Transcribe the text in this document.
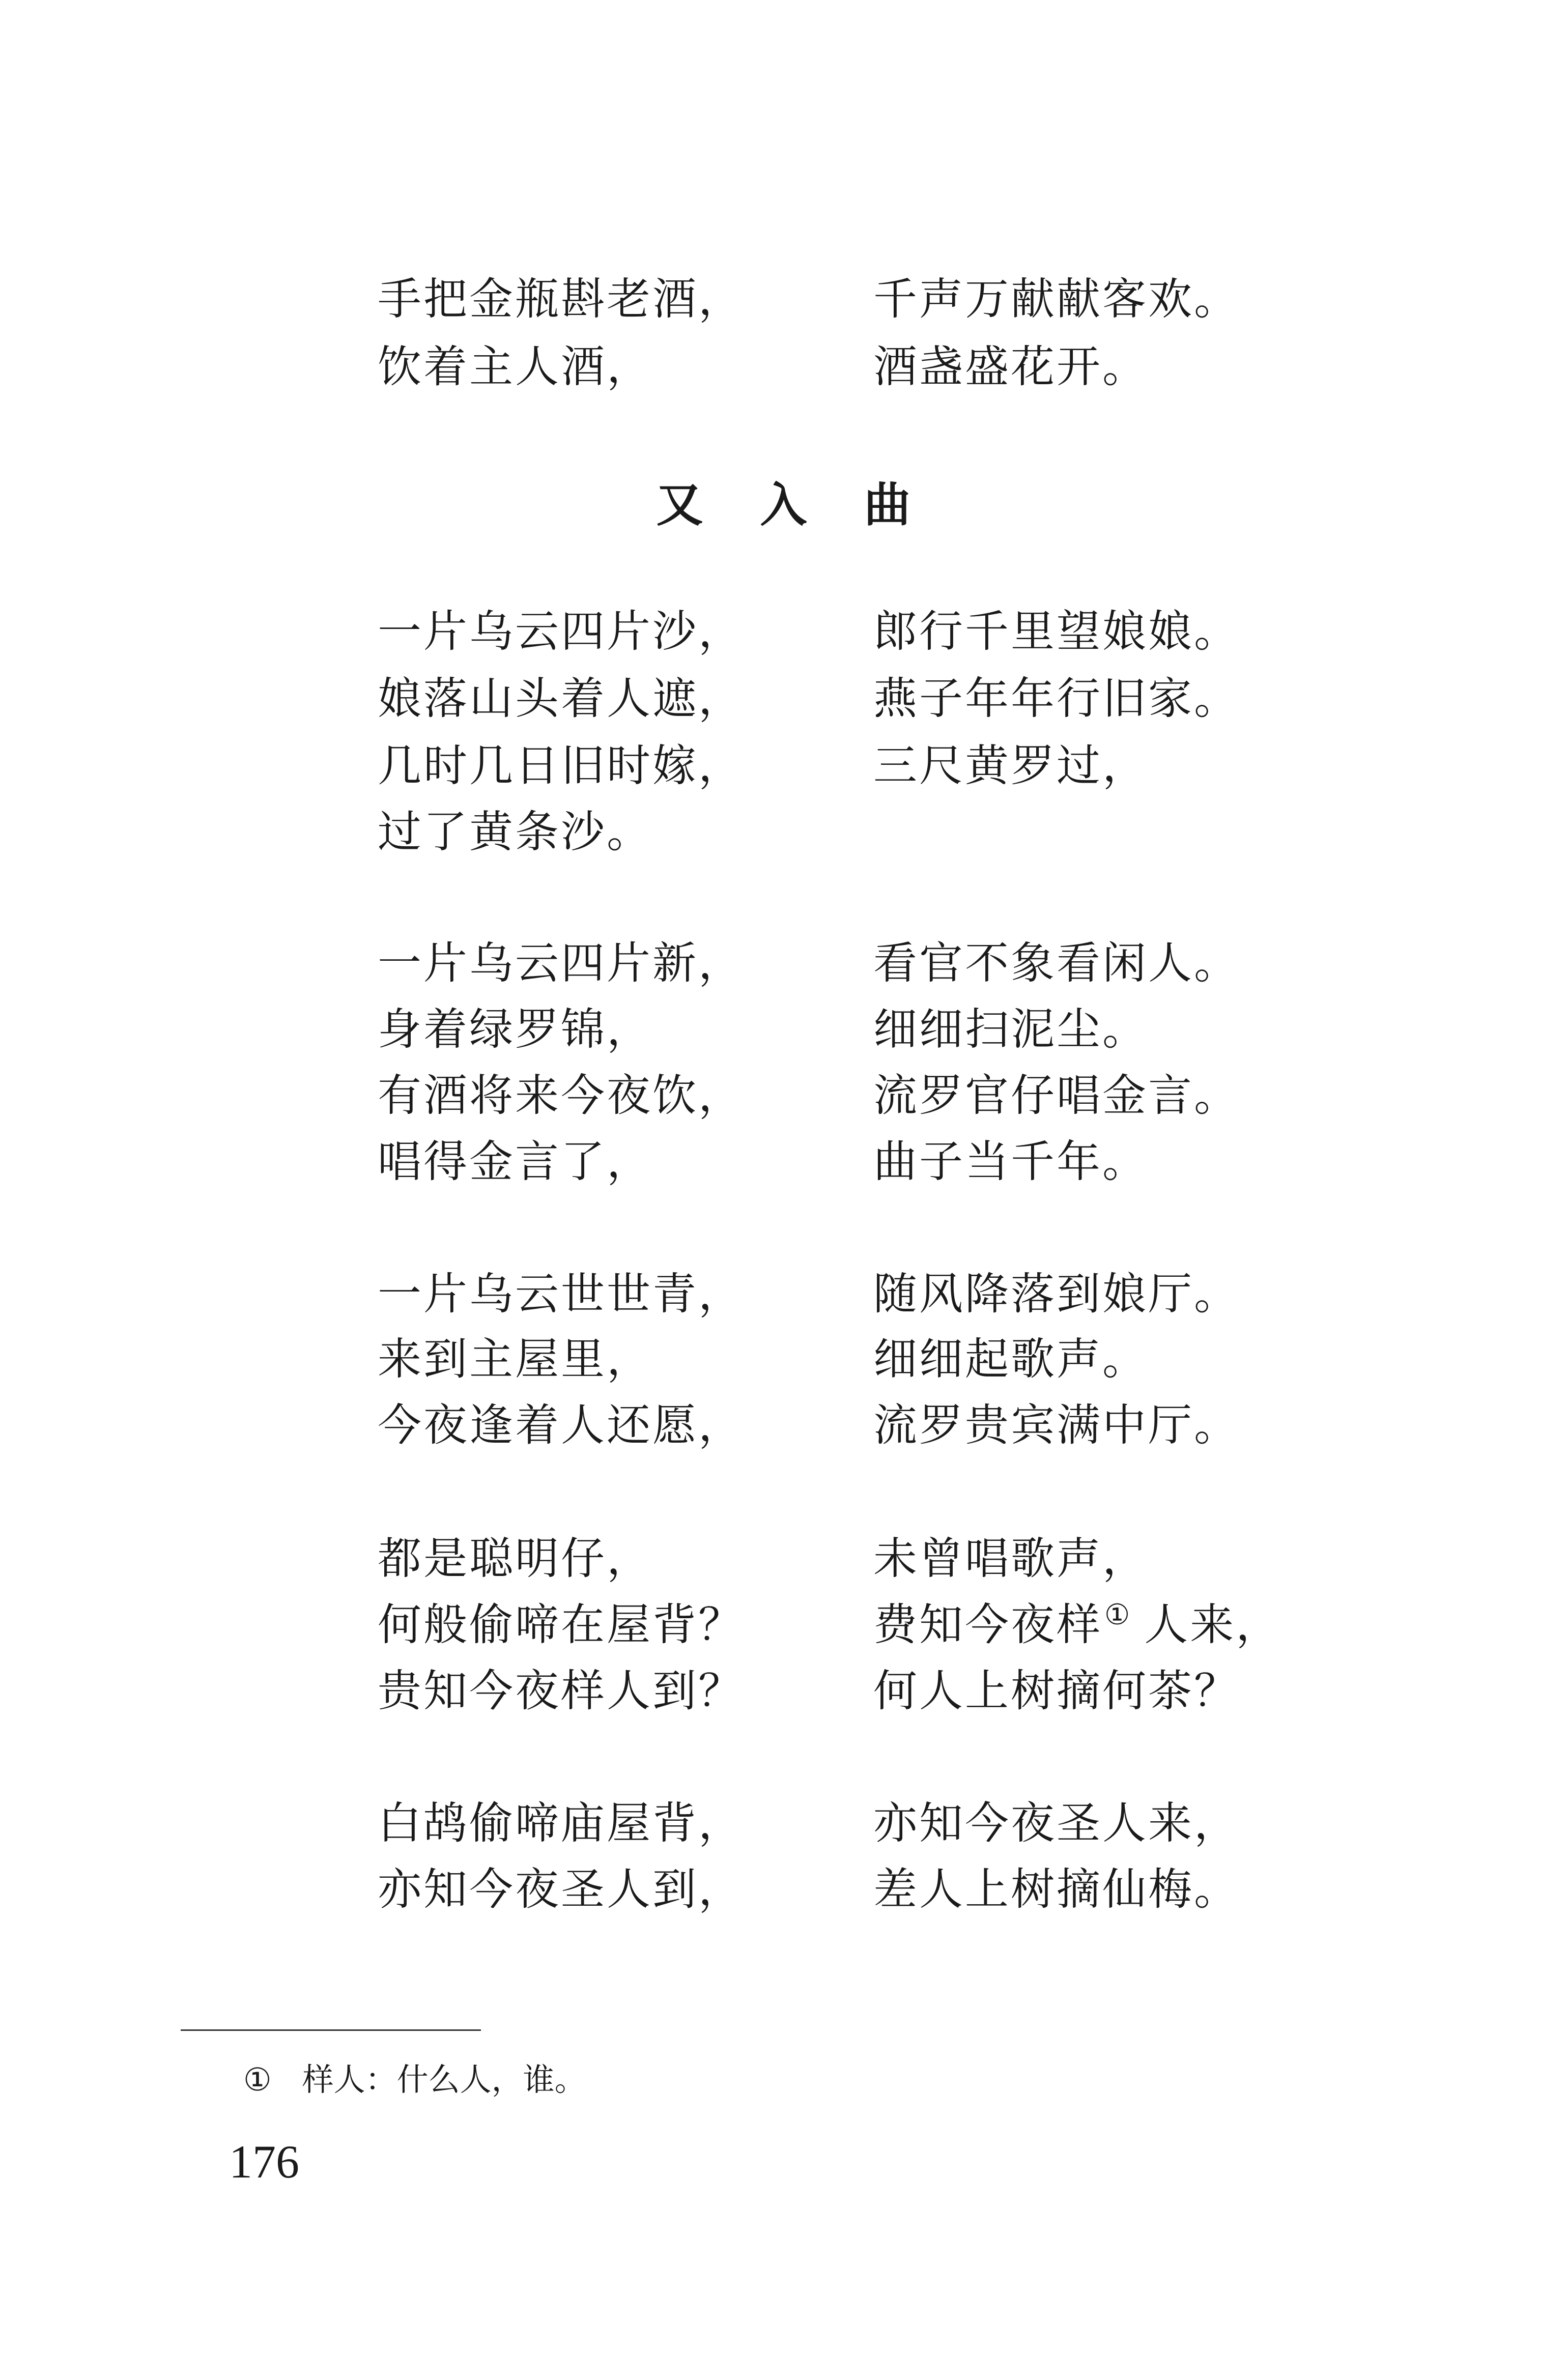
手把金瓶斟老酒，	千声万献献客欢。
饮着主人酒，	酒盏盛花开。
又 入 曲
一片乌云四片沙，	郎行千里望娘娘。
娘落山头着人遮，	燕子年年行旧家。
几时几日旧时嫁，	三尺黄罗过，
过了黄条沙。
一片乌云四片新，	看官不象看闲人。
身着绿罗锦，	细细扫泥尘。
有酒将来今夜饮，	流罗官仔唱金言。
唱得金言了，	曲子当千年。
一片乌云世世青，	随风降落到娘厅。
来到主屋里，	细细起歌声。
今夜逢着人还愿，	流罗贵宾满中厅。
都是聪明仔，	未曾唱歌声，
何般偷啼在屋背？	费知今夜样① 人来，
贵知今夜样人到？	何人上树摘何茶？
白鸪偷啼庙屋背，	亦知今夜圣人来，
亦知今夜圣人到，	差人上树摘仙梅。
① 样人：什么人，谁。
176
